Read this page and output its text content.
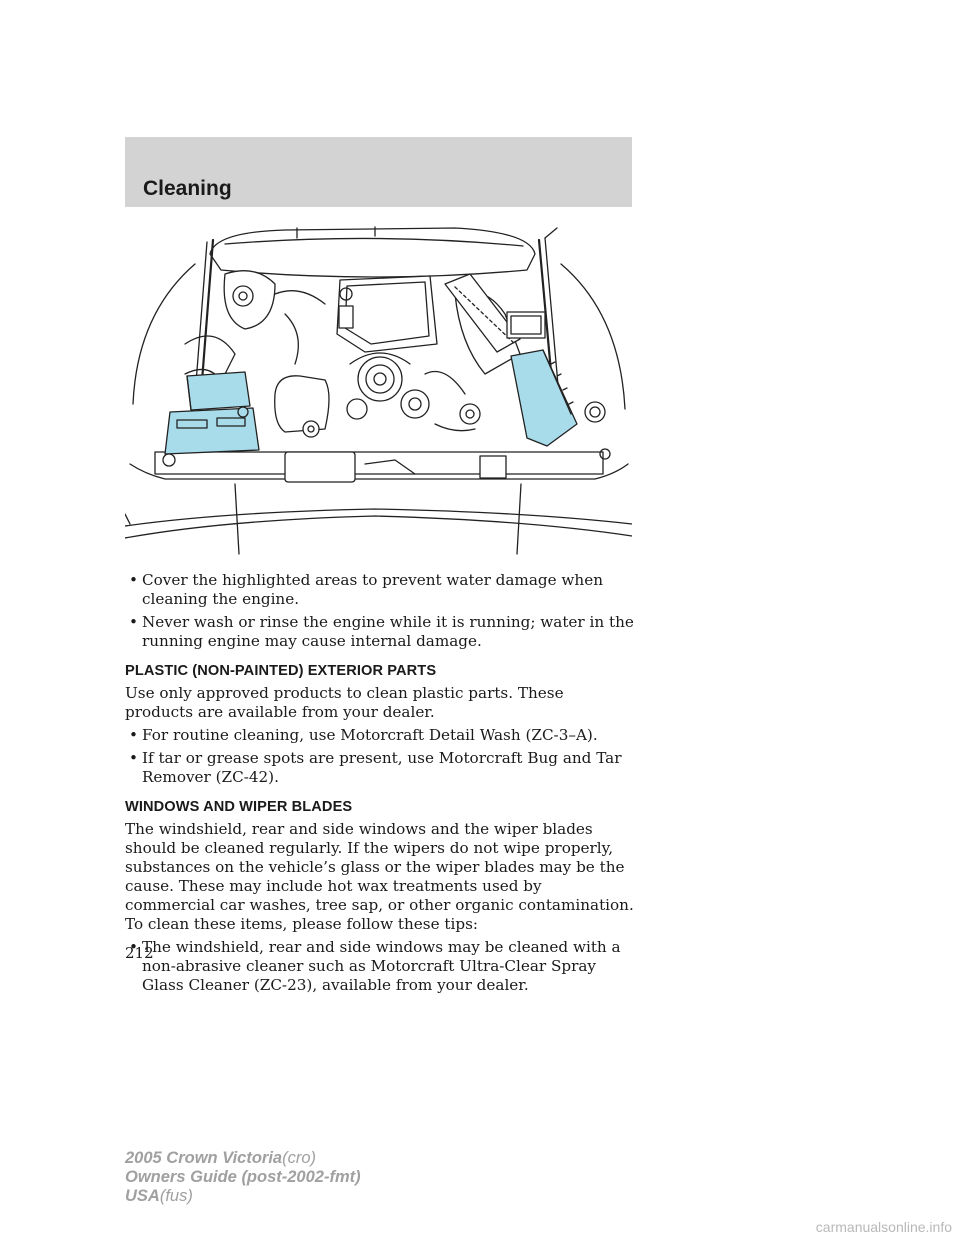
Cleaning

• Cover the highlighted areas to prevent water damage when cleaning the engine.

• Never wash or rinse the engine while it is running; water in the running engine may cause internal damage.

PLASTIC (NON-PAINTED) EXTERIOR PARTS

Use only approved products to clean plastic parts. These products are available from your dealer.

• For routine cleaning, use Motorcraft Detail Wash (ZC-3–A).

• If tar or grease spots are present, use Motorcraft Bug and Tar Remover (ZC-42).

WINDOWS AND WIPER BLADES

The windshield, rear and side windows and the wiper blades should be cleaned regularly. If the wipers do not wipe properly, substances on the vehicle’s glass or the wiper blades may be the cause. These may include hot wax treatments used by commercial car washes, tree sap, or other organic contamination. To clean these items, please follow these tips:

• The windshield, rear and side windows may be cleaned with a non-abrasive cleaner such as Motorcraft Ultra-Clear Spray Glass Cleaner (ZC-23), available from your dealer.

212

2005 Crown Victoria(cro)
Owners Guide (post-2002-fmt)
USA(fus)
carmanualsonline.info
